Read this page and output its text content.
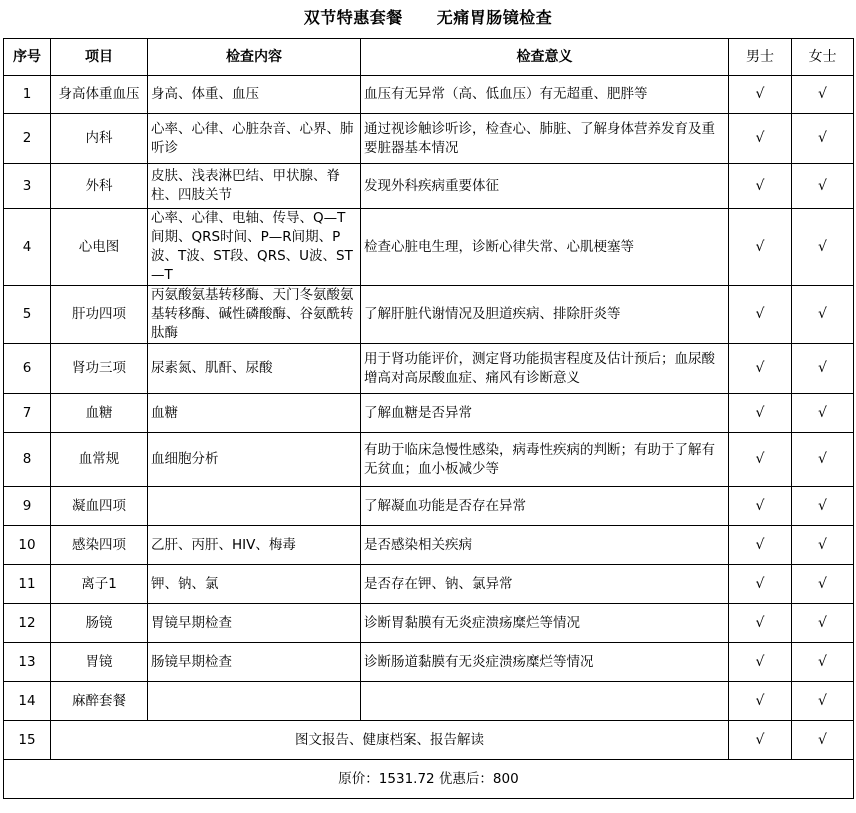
双节特惠套餐 无痛胃肠镜检查
序号	项目	检查内容	检查意义	男士	女士
1	身高体重血压	身高、体重、血压	血压有无异常（高、低血压）有无超重、肥胖等	√	√
2	内科	心率、心律、心脏杂音、心界、肺听诊	通过视诊触诊听诊，检查心、肺脏、了解身体营养发育及重要脏器基本情况	√	√
3	外科	皮肤、浅表淋巴结、甲状腺、脊柱、四肢关节	发现外科疾病重要体征	√	√
4	心电图	心率、心律、电轴、传导、Q—T间期、QRS时间、P—R间期、P波、T波、ST段、QRS、U波、ST—T	检查心脏电生理，诊断心律失常、心肌梗塞等	√	√
5	肝功四项	丙氨酸氨基转移酶、天门冬氨酸氨基转移酶、碱性磷酸酶、谷氨酰转肽酶	了解肝脏代谢情况及胆道疾病、排除肝炎等	√	√
6	肾功三项	尿素氮、肌酐、尿酸	用于肾功能评价，测定肾功能损害程度及估计预后；血尿酸增高对高尿酸血症、痛风有诊断意义	√	√
7	血糖	血糖	了解血糖是否异常	√	√
8	血常规	血细胞分析	有助于临床急慢性感染，病毒性疾病的判断；有助于了解有无贫血；血小板减少等	√	√
9	凝血四项		了解凝血功能是否存在异常	√	√
10	感染四项	乙肝、丙肝、HIV、梅毒	是否感染相关疾病	√	√
11	离子1	钾、钠、氯	是否存在钾、钠、氯异常	√	√
12	肠镜	胃镜早期检查	诊断胃黏膜有无炎症溃疡糜烂等情况	√	√
13	胃镜	肠镜早期检查	诊断肠道黏膜有无炎症溃疡糜烂等情况	√	√
14	麻醉套餐			√	√
15	图文报告、健康档案、报告解读			√	√
原价：1531.72 优惠后：800					
